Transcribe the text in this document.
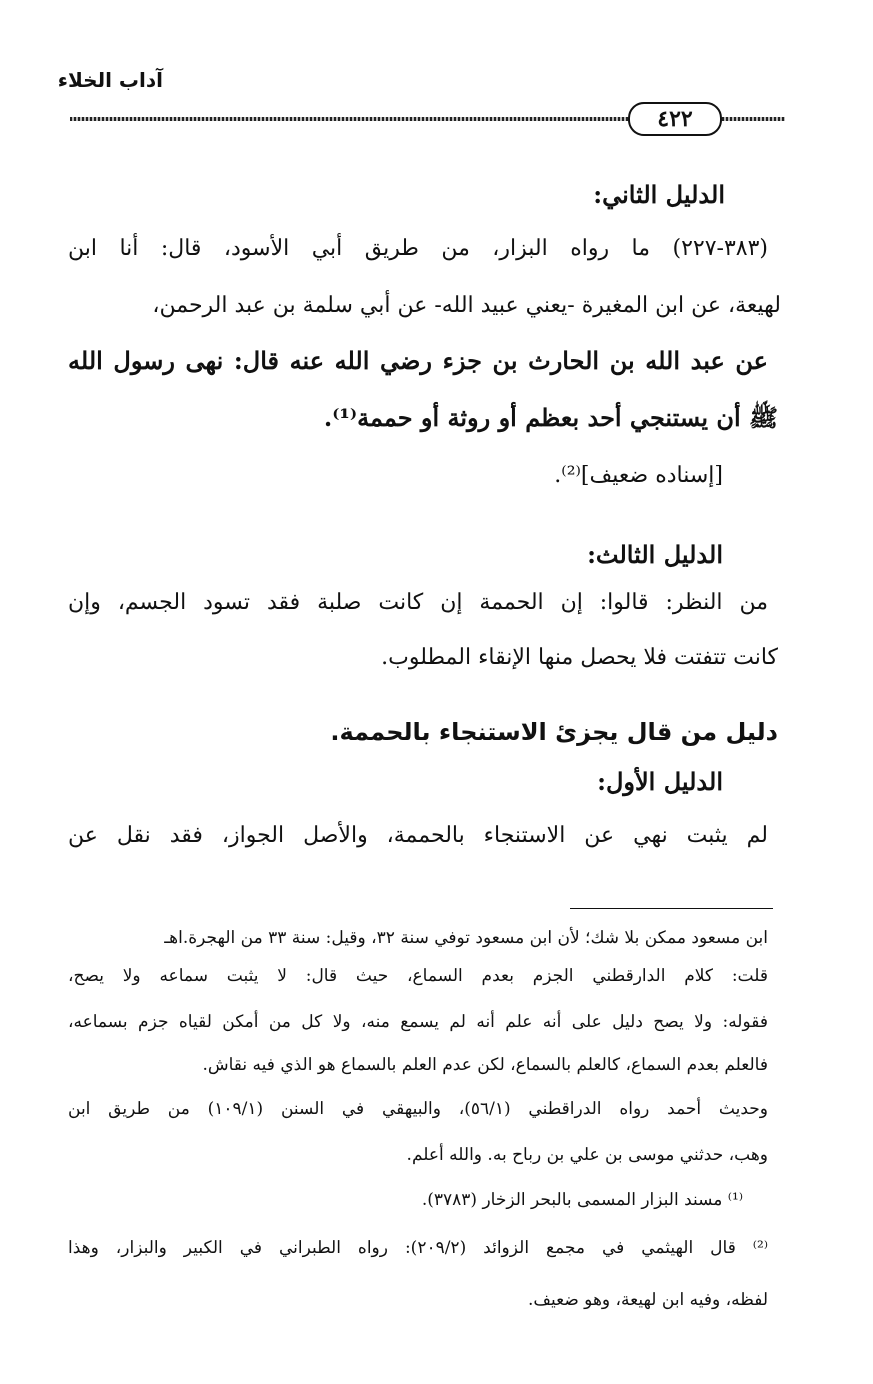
آداب الخلاء
٤٢٢
الدليل الثاني:
(٣٨٣-٢٢٧) ما رواه البزار، من طريق أبي الأسود، قال: أنا ابن
لهيعة، عن ابن المغيرة -يعني عبيد الله- عن أبي سلمة بن عبد الرحمن،
عن عبد الله بن الحارث بن جزء رضي الله عنه قال: نهى رسول الله
ﷺ أن يستنجي أحد بعظم أو روثة أو حممة⁽¹⁾.
[إسناده ضعيف]⁽²⁾.
الدليل الثالث:
من النظر: قالوا: إن الحممة إن كانت صلبة فقد تسود الجسم، وإن
كانت تتفتت فلا يحصل منها الإنقاء المطلوب.
دليل من قال يجزئ الاستنجاء بالحممة.
الدليل الأول:
لم يثبت نهي عن الاستنجاء بالحممة، والأصل الجواز، فقد نقل عن
ابن مسعود ممكن بلا شك؛ لأن ابن مسعود توفي سنة ٣٢، وقيل: سنة ٣٣ من الهجرة.اهـ
قلت: كلام الدارقطني الجزم بعدم السماع، حيث قال: لا يثبت سماعه ولا يصح،
فقوله: ولا يصح دليل على أنه علم أنه لم يسمع منه، ولا كل من أمكن لقياه جزم بسماعه،
فالعلم بعدم السماع، كالعلم بالسماع، لكن عدم العلم بالسماع هو الذي فيه نقاش.
وحديث أحمد رواه الدراقطني (٥٦/١)، والبيهقي في السنن (١٠٩/١) من طريق ابن
وهب، حدثني موسى بن علي بن رباح به. والله أعلم.
⁽¹⁾ مسند البزار المسمى بالبحر الزخار (٣٧٨٣).
⁽²⁾ قال الهيثمي في مجمع الزوائد (٢٠٩/٢): رواه الطبراني في الكبير والبزار، وهذا
لفظه، وفيه ابن لهيعة، وهو ضعيف.
